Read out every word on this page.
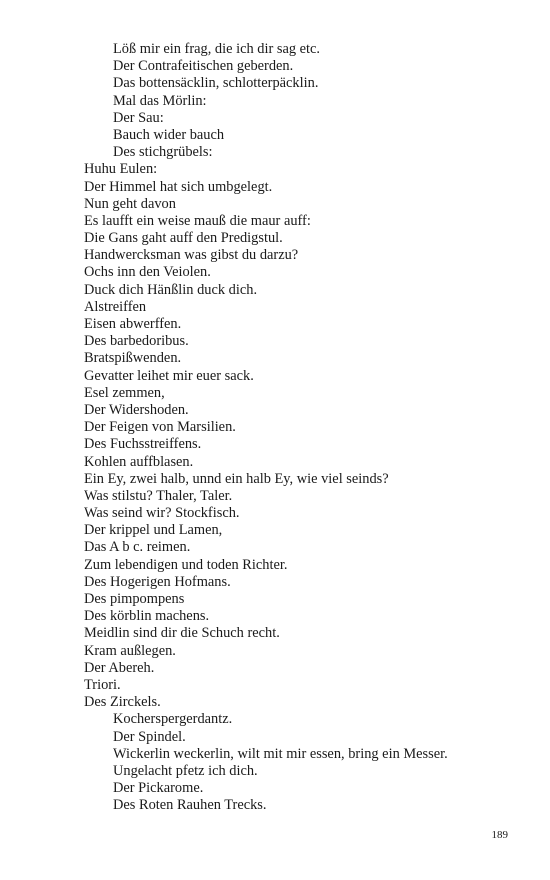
Löß mir ein frag, die ich dir sag etc.
Der Contrafeitischen geberden.
Das bottensäcklin, schlotterpäcklin.
Mal das Mörlin:
Der Sau:
Bauch wider bauch
Des stichgrübels:
Huhu Eulen:
Der Himmel hat sich umbgelegt.
Nun geht davon
Es laufft ein weise mauß die maur auff:
Die Gans gaht auff den Predigstul.
Handwercksman was gibst du darzu?
Ochs inn den Veiolen.
Duck dich Hänßlin duck dich.
Alstreiffen
Eisen abwerffen.
Des barbedoribus.
Bratspißwenden.
Gevatter leihet mir euer sack.
Esel zemmen,
Der Widershoden.
Der Feigen von Marsilien.
Des Fuchsstreiffens.
Kohlen auffblasen.
Ein Ey, zwei halb, unnd ein halb Ey, wie viel seinds?
Was stilstu? Thaler, Taler.
Was seind wir? Stockfisch.
Der krippel und Lamen,
Das A b c. reimen.
Zum lebendigen und toden Richter.
Des Hogerigen Hofmans.
Des pimpompens
Des körblin machens.
Meidlin sind dir die Schuch recht.
Kram außlegen.
Der Abereh.
Triori.
Des Zirckels.
Kocherspergerdantz.
Der Spindel.
Wickerlin weckerlin, wilt mit mir essen, bring ein Messer.
Ungelacht pfetz ich dich.
Der Pickarome.
Des Roten Rauhen Trecks.
189
